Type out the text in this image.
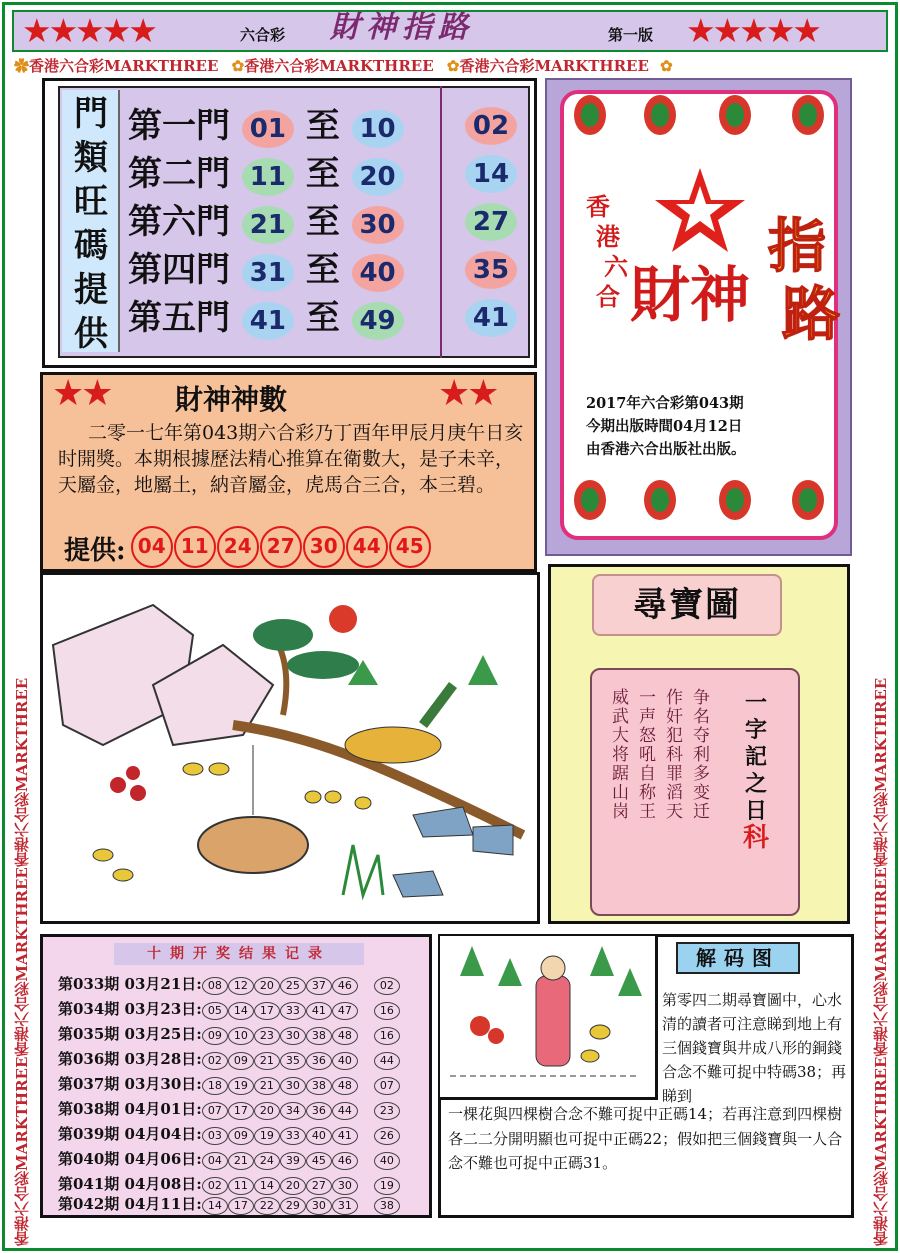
★★★★★	六合彩 財神指路	第一版 ★★★★★
✿香港六合彩MARKTHREE ✿香港六合彩MARKTHREE ✿香港六合彩MARKTHREE ✿
香港六合彩MARKTHREE香港六合彩MARKTHREE香港六合彩MARKTHREE	香港六合彩MARKTHREE香港六合彩MARKTHREE香港六合彩MARKTHREE
門
類
旺
碼
提
供
第一門 01 至 10
第二門 11 至 20
第六門 21 至 30
第四門 31 至 40
第五門 41 至 49
02
14
27
35
41
★★ 財神神數	★★
二零一七年第043期六合彩乃丁酉年甲辰月庚午日亥时開獎。本期根據歷法精心推算在衛數大，是子未辛，天屬金，地屬土，納音屬金，虎馬合三合，本三碧。
提供: 04 11 24 27 30 44 45
香
港
六
合 財神
指
路
2017年六合彩第043期
今期出版時間04月12日
由香港六合出版社出版。
尋寶圖
争名夺利多变迁
作奸犯科罪滔天
一声怒吼自称王
威武大将踞山岗	一
字
記
之
日
科
十期开奖结果记录
第033期 03月21日: 08 12 20 25 37 46	02
第034期 03月23日: 05 14 17 33 41 47	16
第035期 03月25日: 09 10 23 30 38 48	16
第036期 03月28日: 02 09 21 35 36 40	44
第037期 03月30日: 18 19 21 30 38 48	07
第038期 04月01日: 07 17 20 34 36 44	23
第039期 04月04日: 03 09 19 33 40 41	26
第040期 04月06日: 04 21 24 39 45 46	40
第041期 04月08日: 02 11 14 20 27 30	19
第042期 04月11日: 14 17 22 29 30 31	38
解码图
第零四二期尋寶圖中，心水清的讀者可注意睇到地上有三個錢寶與井成八形的銅錢合念不難可捉中特碼38；再睇到
一棵花與四棵樹合念不難可捉中正碼14；若再注意到四棵樹各二二分開明顯也可捉中正碼22；假如把三個錢寶與一人合念不難也可捉中正碼31。
